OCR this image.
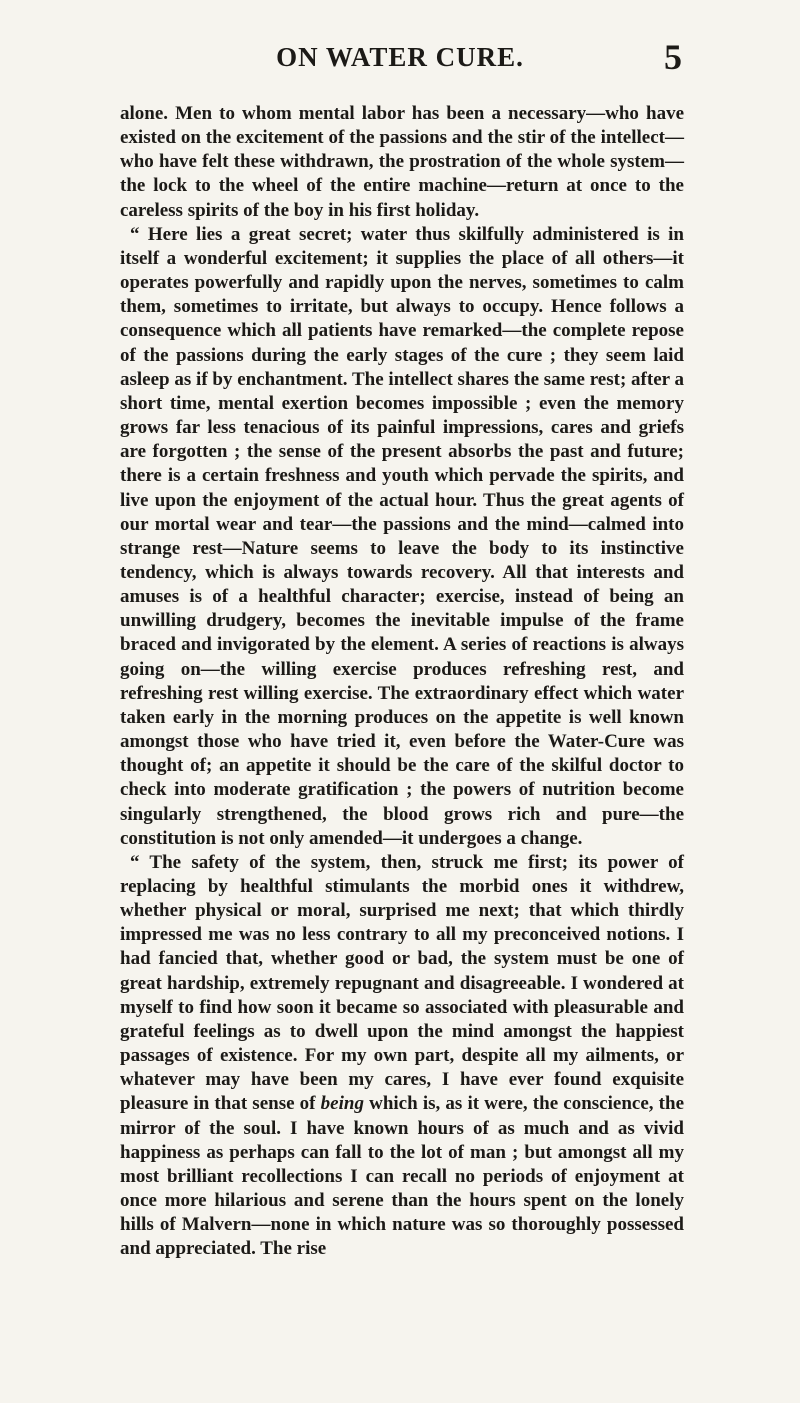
ON WATER CURE.	5

alone. Men to whom mental labor has been a necessary—who have existed on the excitement of the passions and the stir of the intellect—who have felt these withdrawn, the prostration of the whole system—the lock to the wheel of the entire machine—return at once to the careless spirits of the boy in his first holiday.

“ Here lies a great secret; water thus skilfully administered is in itself a wonderful excitement; it supplies the place of all others—it operates powerfully and rapidly upon the nerves, sometimes to calm them, sometimes to irritate, but always to occupy. Hence follows a consequence which all patients have remarked—the complete repose of the passions during the early stages of the cure ; they seem laid asleep as if by enchantment. The intellect shares the same rest; after a short time, mental exertion becomes impossible ; even the memory grows far less tenacious of its painful impressions, cares and griefs are forgotten ; the sense of the present absorbs the past and future; there is a certain freshness and youth which pervade the spirits, and live upon the enjoyment of the actual hour. Thus the great agents of our mortal wear and tear—the passions and the mind—calmed into strange rest—Nature seems to leave the body to its instinctive tendency, which is always towards recovery. All that interests and amuses is of a healthful character; exercise, instead of being an unwilling drudgery, becomes the inevitable impulse of the frame braced and invigorated by the element. A series of reactions is always going on—the willing exercise produces refreshing rest, and refreshing rest willing exercise. The extraordinary effect which water taken early in the morning produces on the appetite is well known amongst those who have tried it, even before the Water-Cure was thought of; an appetite it should be the care of the skilful doctor to check into moderate gratification ; the powers of nutrition become singularly strengthened, the blood grows rich and pure—the constitution is not only amended—it undergoes a change.

“ The safety of the system, then, struck me first; its power of replacing by healthful stimulants the morbid ones it withdrew, whether physical or moral, surprised me next; that which thirdly impressed me was no less contrary to all my preconceived notions. I had fancied that, whether good or bad, the system must be one of great hardship, extremely repugnant and disagreeable. I wondered at myself to find how soon it became so associated with pleasurable and grateful feelings as to dwell upon the mind amongst the happiest passages of existence. For my own part, despite all my ailments, or whatever may have been my cares, I have ever found exquisite pleasure in that sense of being which is, as it were, the conscience, the mirror of the soul. I have known hours of as much and as vivid happiness as perhaps can fall to the lot of man ; but amongst all my most brilliant recollections I can recall no periods of enjoyment at once more hilarious and serene than the hours spent on the lonely hills of Malvern—none in which nature was so thoroughly possessed and appreciated. The rise
